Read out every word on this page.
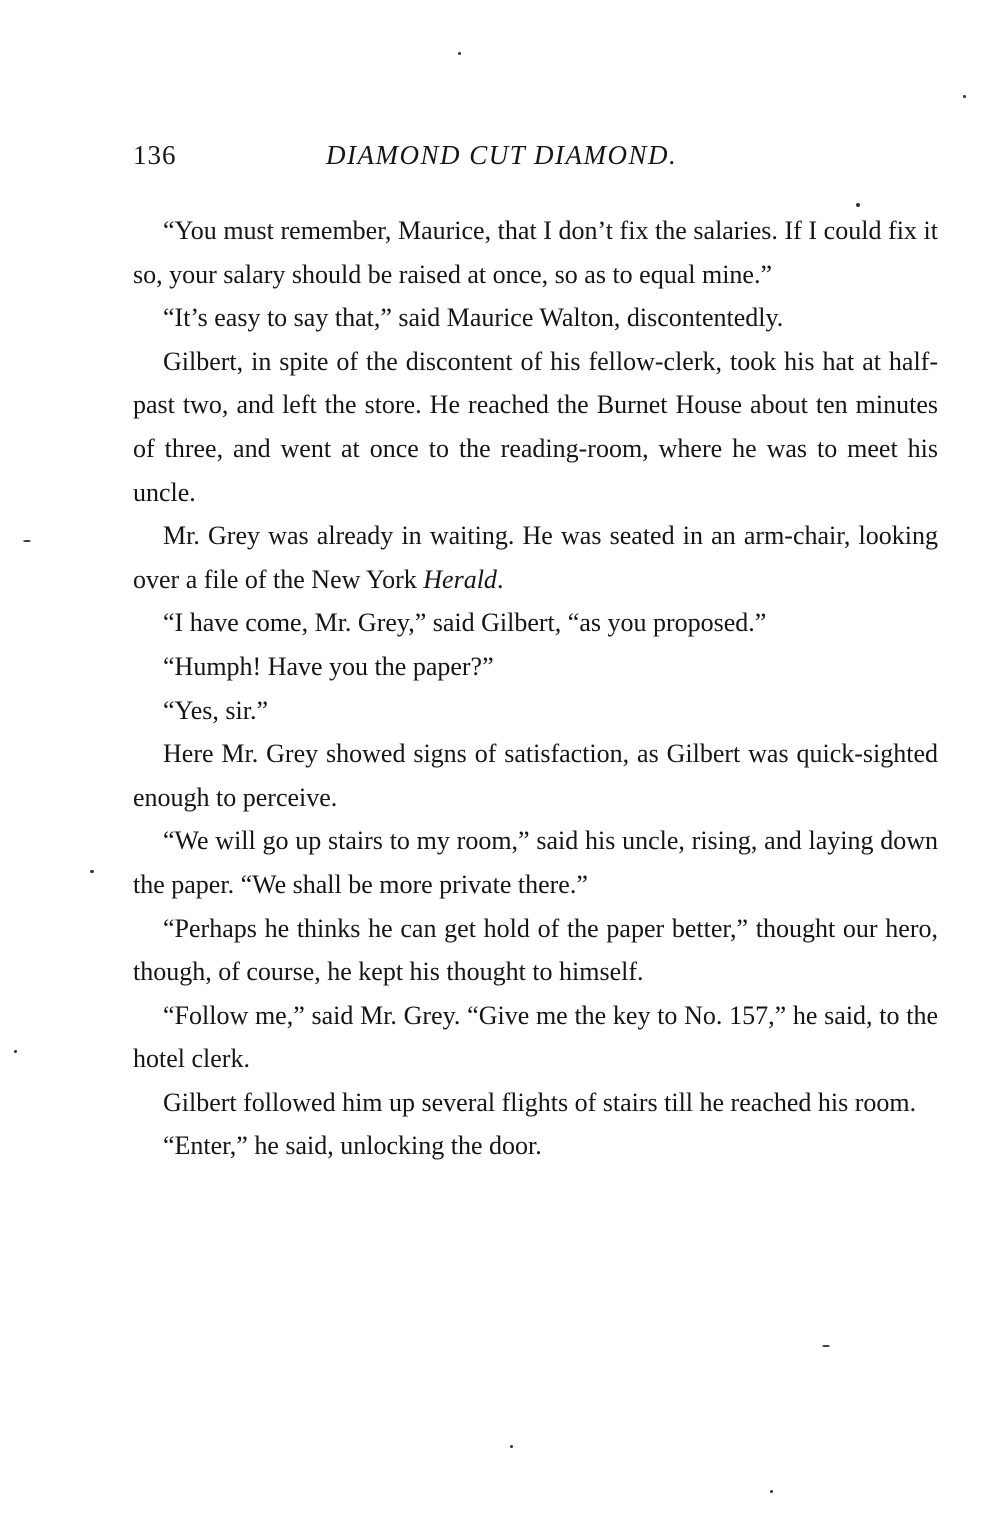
136	DIAMOND CUT DIAMOND.

“You must remember, Maurice, that I don’t fix the salaries. If I could fix it so, your salary should be raised at once, so as to equal mine.”

“It’s easy to say that,” said Maurice Walton, discontentedly.

Gilbert, in spite of the discontent of his fellow-clerk, took his hat at half-past two, and left the store. He reached the Burnet House about ten minutes of three, and went at once to the reading-room, where he was to meet his uncle.

Mr. Grey was already in waiting. He was seated in an arm-chair, looking over a file of the New York Herald.

“I have come, Mr. Grey,” said Gilbert, “as you proposed.”

“Humph! Have you the paper?”

“Yes, sir.”

Here Mr. Grey showed signs of satisfaction, as Gilbert was quick-sighted enough to perceive.

“We will go up stairs to my room,” said his uncle, rising, and laying down the paper. “We shall be more private there.”

“Perhaps he thinks he can get hold of the paper better,” thought our hero, though, of course, he kept his thought to himself.

“Follow me,” said Mr. Grey. “Give me the key to No. 157,” he said, to the hotel clerk.

Gilbert followed him up several flights of stairs till he reached his room.

“Enter,” he said, unlocking the door.
